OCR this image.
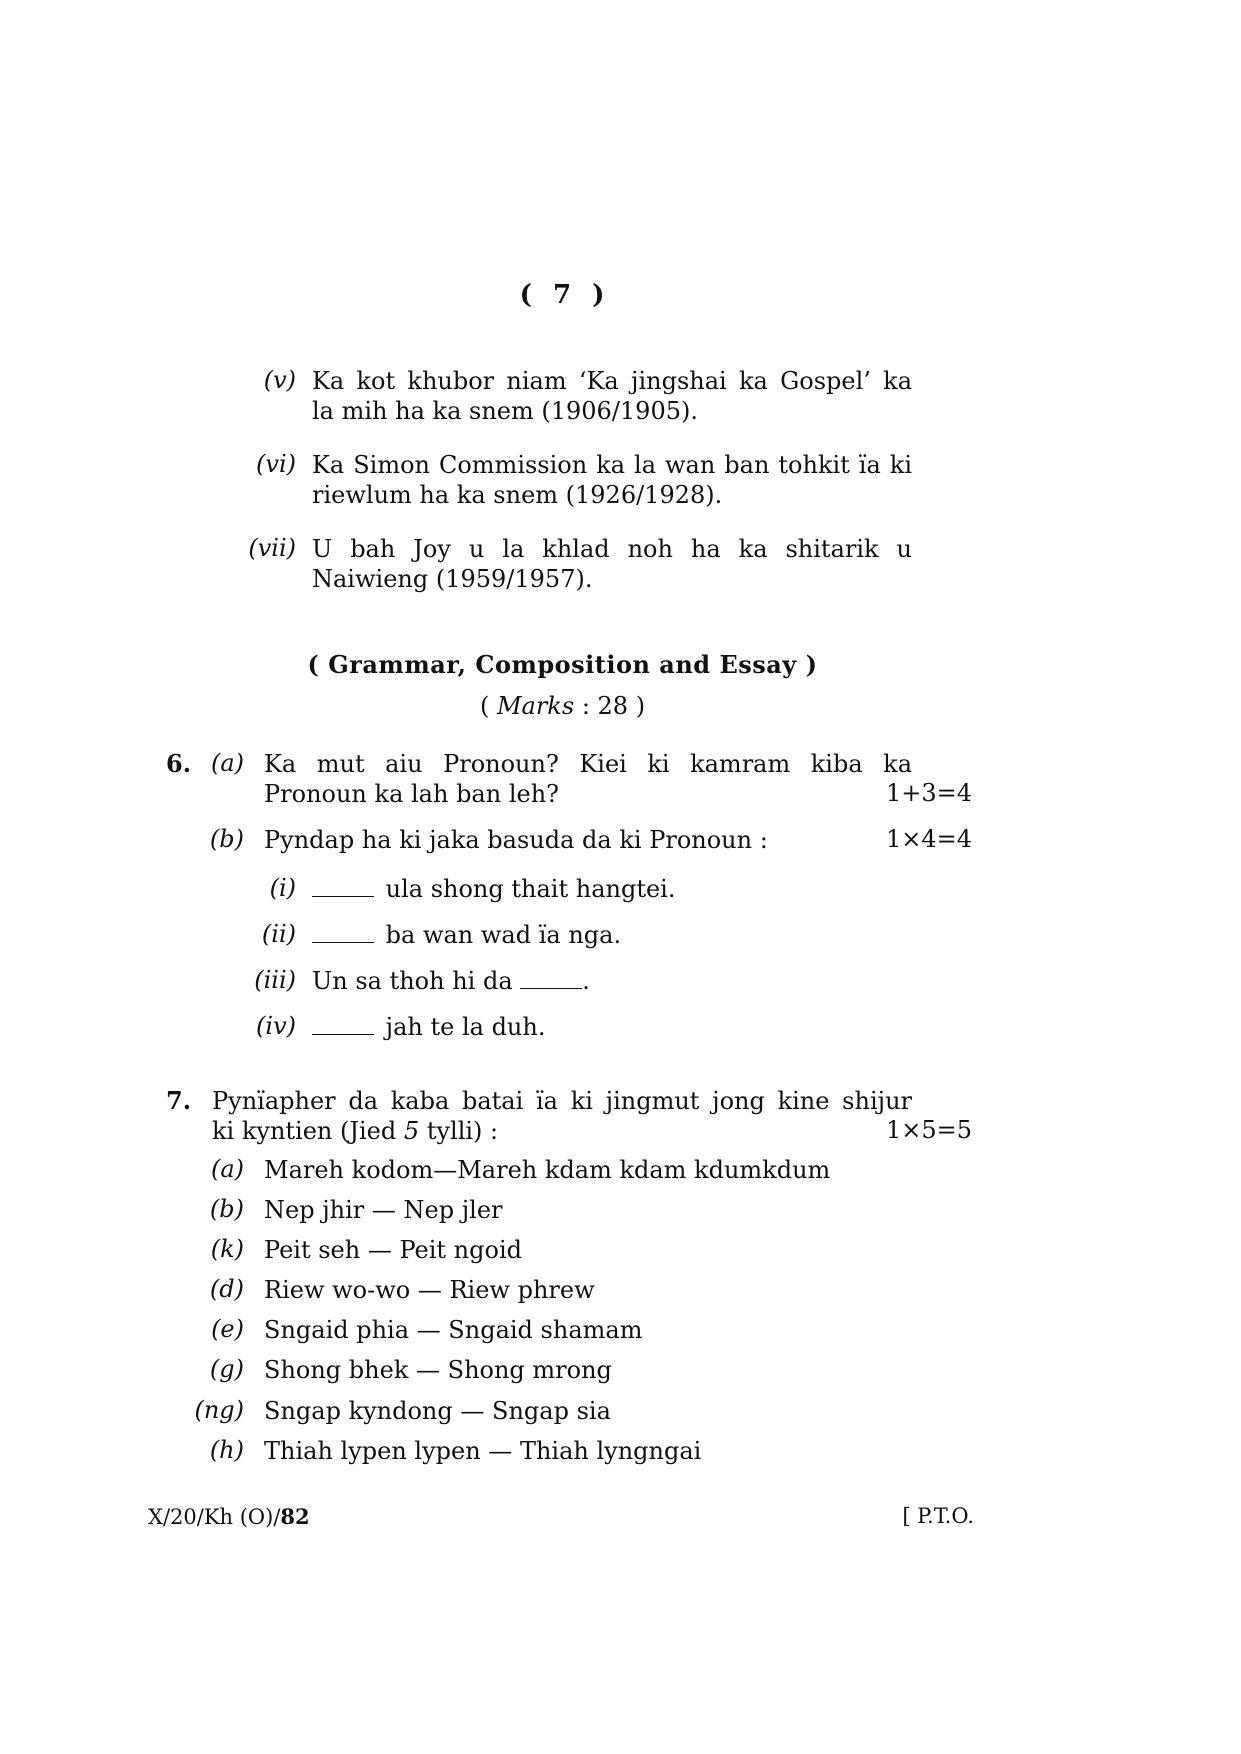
( 7 )
(v) Ka kot khubor niam ‘Ka jingshai ka Gospel’ ka
la mih ha ka snem (1906/1905).
(vi) Ka Simon Commission ka la wan ban tohkit ïa ki
riewlum ha ka snem (1926/1928).
(vii) U bah Joy u la khlad noh ha ka shitarik u
Naiwieng (1959/1957).
( Grammar, Composition and Essay )
( Marks : 28 )
6. (a) Ka mut aiu Pronoun? Kiei ki kamram kiba ka
Pronoun ka lah ban leh?	1+3=4
(b) Pyndap ha ki jaka basuda da ki Pronoun :	1×4=4
(i)	ula shong thait hangtei.
(ii)	ba wan wad ïa nga.
(iii) Un sa thoh hi da	.
(iv)	jah te la duh.
7. Pynïapher da kaba batai ïa ki jingmut jong kine shijur
ki kyntien (Jied 5 tylli) :	1×5=5
(a) Mareh kodom—Mareh kdam kdam kdumkdum
(b) Nep jhir — Nep jler
(k) Peit seh — Peit ngoid
(d) Riew wo-wo — Riew phrew
(e) Sngaid phia — Sngaid shamam
(g) Shong bhek — Shong mrong
(ng) Sngap kyndong — Sngap sia
(h) Thiah lypen lypen — Thiah lyngngai
X/20/Kh (O)/82	[ P.T.O.
